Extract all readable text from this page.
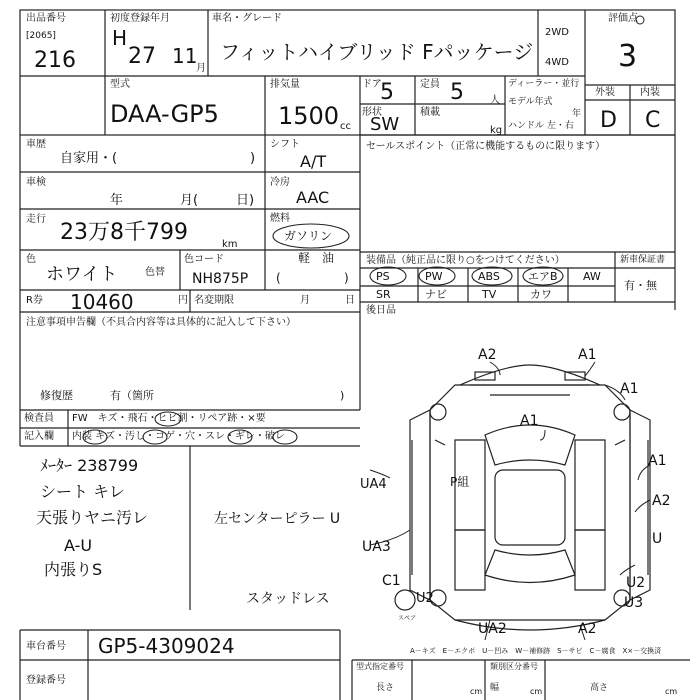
出品番号
[2065]
216
初度登録年月
H
27 11
月
車名・グレード
フィットハイブリッド Fパッケージ
2WD
4WD
評価点
3
型式
DAA-GP5
排気量
1500 cc
ドア
5	定員 5	人
形状
SW
積載
kg
ディーラー・並行
モデル年式
年
ハンドル 左・右
外装	内装
D C
車歴
自家用・(	)
車検
年	月(	日)
走行
23万8千799	km
色
ホワイト	色替
色コード
NH875P
R券 10460	円 名変期限	月	日
注意事項申告欄（不具合内容等は具体的に記入して下さい）
修復歴	有（箇所	)
シフト
A/T
冷房
AAC
燃料
ガソリン
軽　油
(	)
セールスポイント（正常に機能するものに限ります）
装備品（純正品に限り○をつけてください）	新車保証書
PS	PW	ABS	エアB AW
SR	ナビ	TV	カワ
有・無
後日品
検査員
記入欄
FW　キズ・飛石・ヒビ割・リペア跡・×要
内装 キズ・汚し・コゲ・穴・スレ・ギレ・破レ
ﾒｰﾀｰ 238799
シート キレ
天張りヤニ汚レ
A-U
内張りS
左センターピラー U
スタッドレス
A2	A1
A1
A1
A1
UA4	P組
A2
U
UA3
C1
U2
U2
U3
UA2	A2
スペア
A－キズ　E－エクボ　U－凹み　W－補修跡　S－サビ　C－腐食　X×－交換済
車台番号 GP5-4309024
登録番号
型式指定番号	類別区分番号
長さ	cm 幅	cm	高さ	cm
